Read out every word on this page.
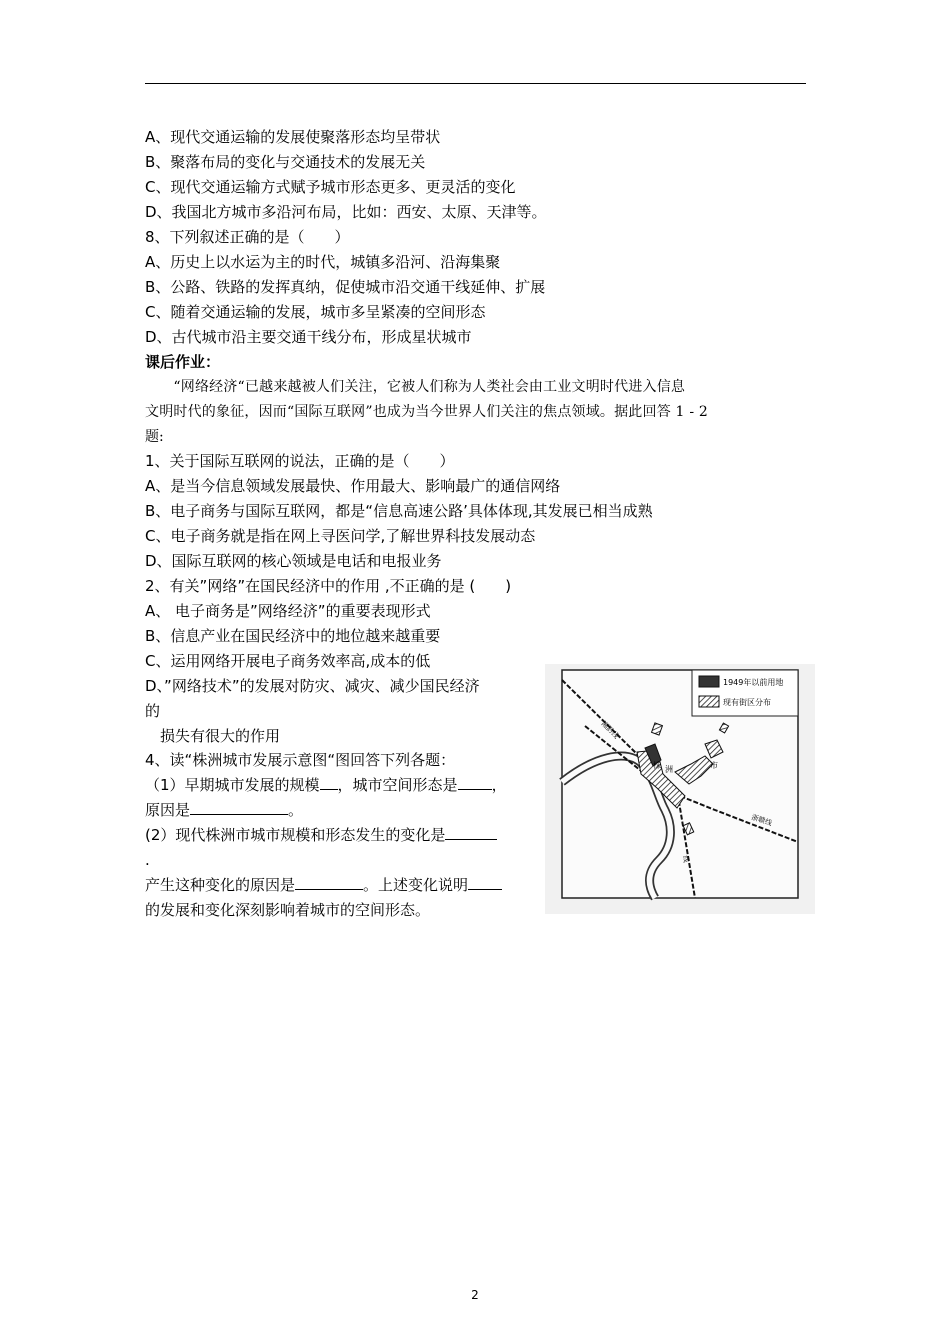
A、现代交通运输的发展使聚落形态均呈带状
B、聚落布局的变化与交通技术的发展无关
C、现代交通运输方式赋予城市形态更多、更灵活的变化
D、我国北方城市多沿河布局，比如：西安、太原、天津等。
8、下列叙述正确的是（　　）
A、历史上以水运为主的时代，城镇多沿河、沿海集聚
B、公路、铁路的发挥真纳，促使城市沿交通干线延伸、扩展
C、随着交通运输的发展，城市多呈紧凑的空间形态
D、古代城市沿主要交通干线分布，形成星状城市
课后作业：
　　“网络经济“已越来越被人们关注，它被人们称为人类社会由工业文明时代进入信息
文明时代的象征，因而“国际互联网”也成为当今世界人们关注的焦点领域。据此回答 1 - 2
题:
1、关于国际互联网的说法，正确的是（　　）
A、是当今信息领域发展最快、作用最大、影响最广的通信网络
B、电子商务与国际互联网，都是“信息高速公路’具体体现,其发展已相当成熟
C、电子商务就是指在网上寻医问学,了解世界科技发展动态
D、国际互联网的核心领域是电话和电报业务
2、有关”网络”在国民经济中的作用 ,不正确的是 (　　)
A、 电子商务是”网络经济”的重要表现形式
B、信息产业在国民经济中的地位越来越重要
C、运用网络开展电子商务效率高,成本的低
D、”网络技术”的发展对防灾、减灾、减少国民经济
的
　损失有很大的作用
4、读“株洲城市发展示意图“图回答下列各题：
（1）早期城市发展的规模 ，城市空间形态是 ，
原因是	。
(2）现代株洲市城市规模和形态发生的变化是
.
产生这种变化的原因是	。上述变化说明
的发展和变化深刻影响着城市的空间形态。
1949年以前用地
现有街区分布
株 洲	市
浙赣线
湘黔线
线
2
